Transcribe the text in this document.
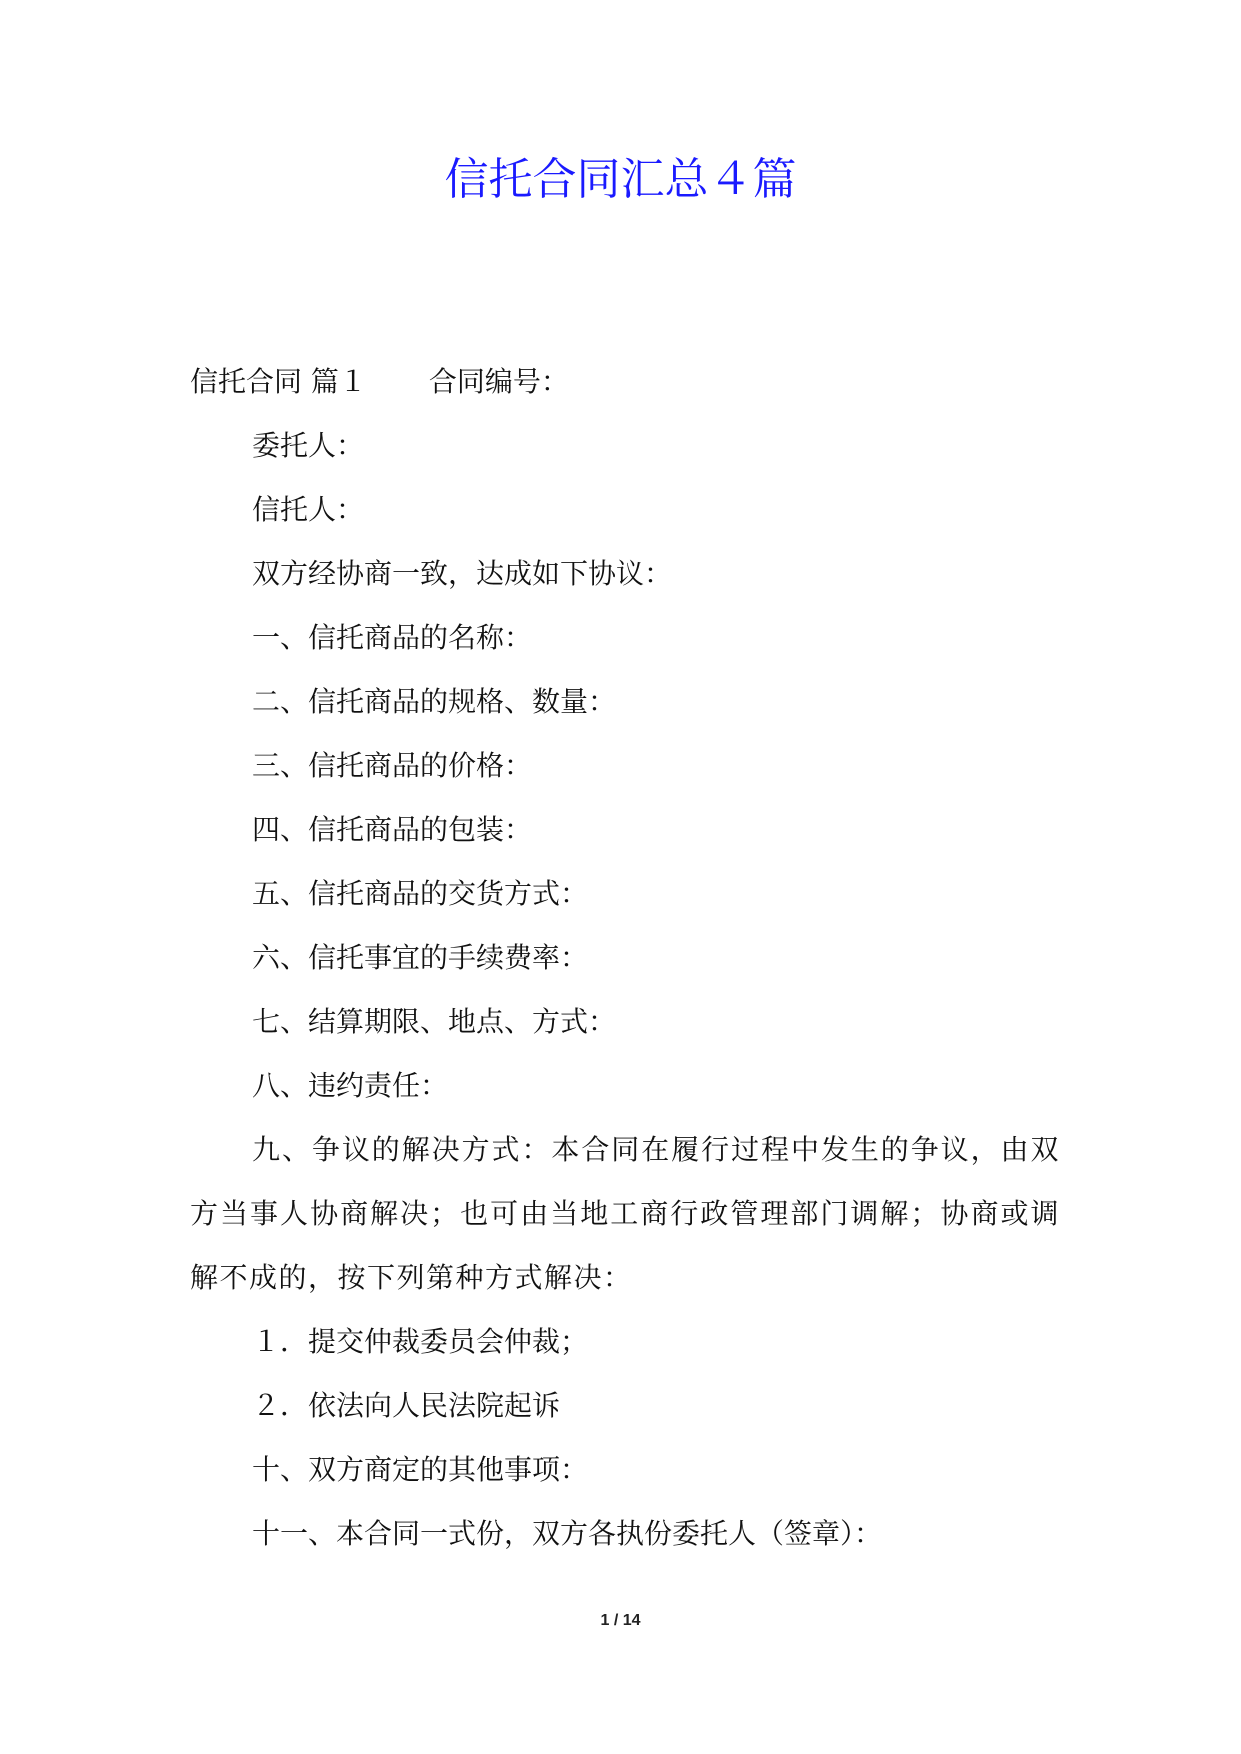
信托合同汇总４篇
信托合同 篇１ 合同编号：
委托人：
信托人：
双方经协商一致，达成如下协议：
一、信托商品的名称：
二、信托商品的规格、数量：
三、信托商品的价格：
四、信托商品的包装：
五、信托商品的交货方式：
六、信托事宜的手续费率：
七、结算期限、地点、方式：
八、违约责任：
九、争议的解决方式：本合同在履行过程中发生的争议，由双方当事人协商解决；也可由当地工商行政管理部门调解；协商或调解不成的，按下列第种方式解决：
１．提交仲裁委员会仲裁；
２．依法向人民法院起诉
十、双方商定的其他事项：
十一、本合同一式份，双方各执份委托人（签章）：
1 / 14
